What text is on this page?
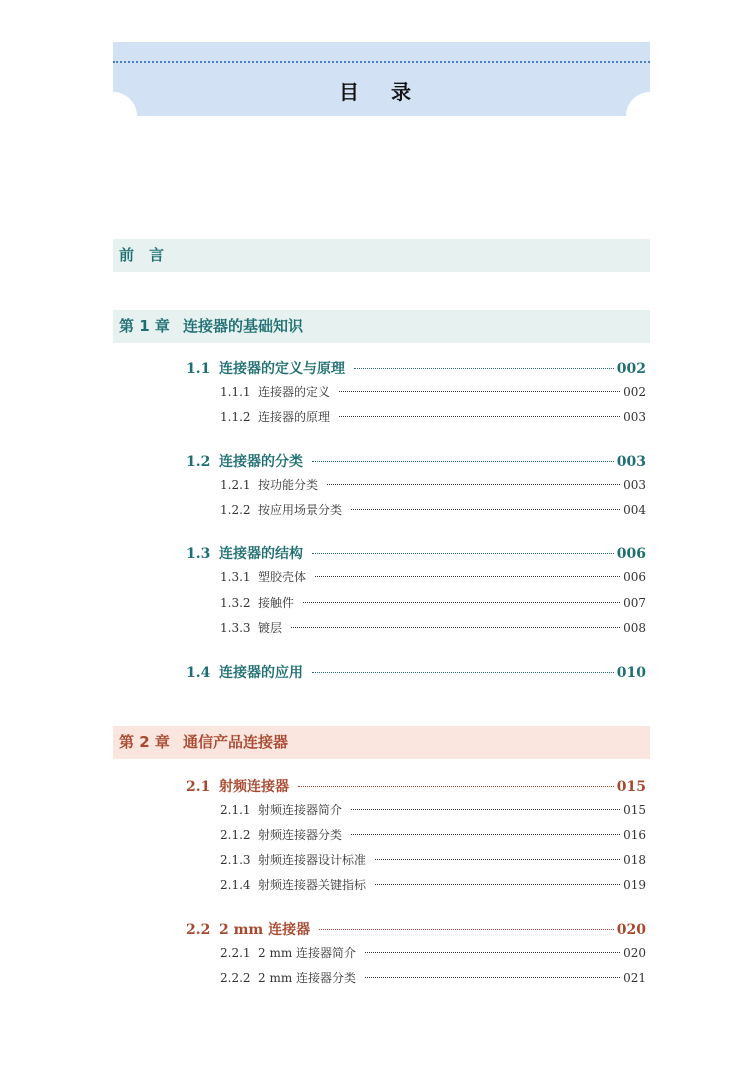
目录
前　言
第 1 章 连接器的基础知识
1.1 连接器的定义与原理	002
1.1.1 连接器的定义	002
1.1.2 连接器的原理	003
1.2 连接器的分类	003
1.2.1 按功能分类	003
1.2.2 按应用场景分类	004
1.3 连接器的结构	006
1.3.1 塑胶壳体	006
1.3.2 接触件	007
1.3.3 镀层	008
1.4 连接器的应用	010
第 2 章 通信产品连接器
2.1 射频连接器	015
2.1.1 射频连接器简介	015
2.1.2 射频连接器分类	016
2.1.3 射频连接器设计标准	018
2.1.4 射频连接器关键指标	019
2.2 2 mm 连接器	020
2.2.1 2 mm 连接器简介	020
2.2.2 2 mm 连接器分类	021
